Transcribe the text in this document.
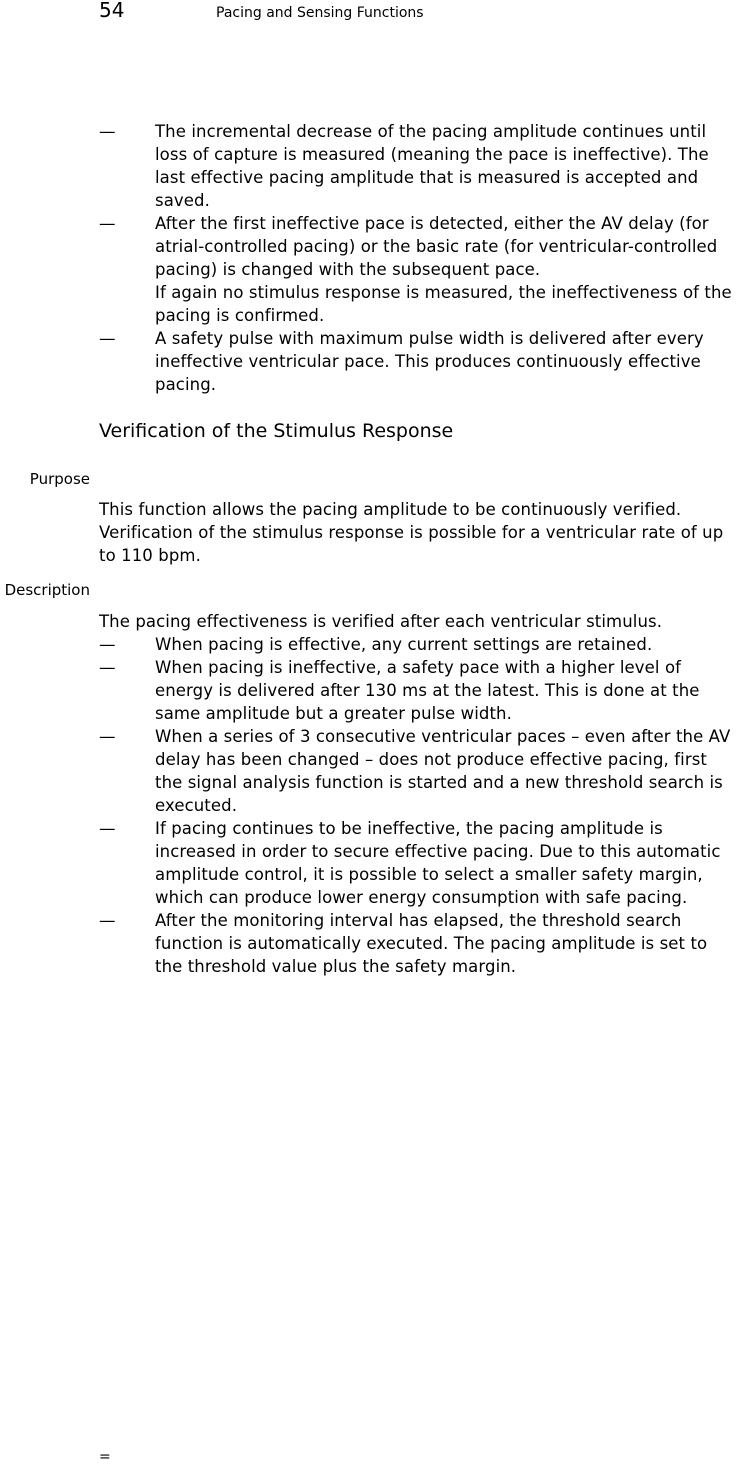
54	Pacing and Sensing Functions
— The incremental decrease of the pacing amplitude continues until loss of capture is measured (meaning the pace is ineffective). The last effective pacing amplitude that is measured is accepted and saved.

— After the first ineffective pace is detected, either the AV delay (for atrial-controlled pacing) or the basic rate (for ventricular-controlled pacing) is changed with the subsequent pace.

If again no stimulus response is measured, the ineffectiveness of the pacing is confirmed.

— A safety pulse with maximum pulse width is delivered after every ineffective ventricular pace. This produces continuously effective pacing.

Verification of the Stimulus Response
Purpose

This function allows the pacing amplitude to be continuously verified. Verification of the stimulus response is possible for a ventricular rate of up to 110 bpm.

Description

The pacing effectiveness is verified after each ventricular stimulus.

— When pacing is effective, any current settings are retained.

— When pacing is ineffective, a safety pace with a higher level of energy is delivered after 130 ms at the latest. This is done at the same amplitude but a greater pulse width.

— When a series of 3 consecutive ventricular paces – even after the AV delay has been changed – does not produce effective pacing, first the signal analysis function is started and a new threshold search is executed.

— If pacing continues to be ineffective, the pacing amplitude is increased in order to secure effective pacing. Due to this automatic amplitude control, it is possible to select a smaller safety margin, which can produce lower energy consumption with safe pacing.

— After the monitoring interval has elapsed, the threshold search function is automatically executed. The pacing amplitude is set to the threshold value plus the safety margin.

=
